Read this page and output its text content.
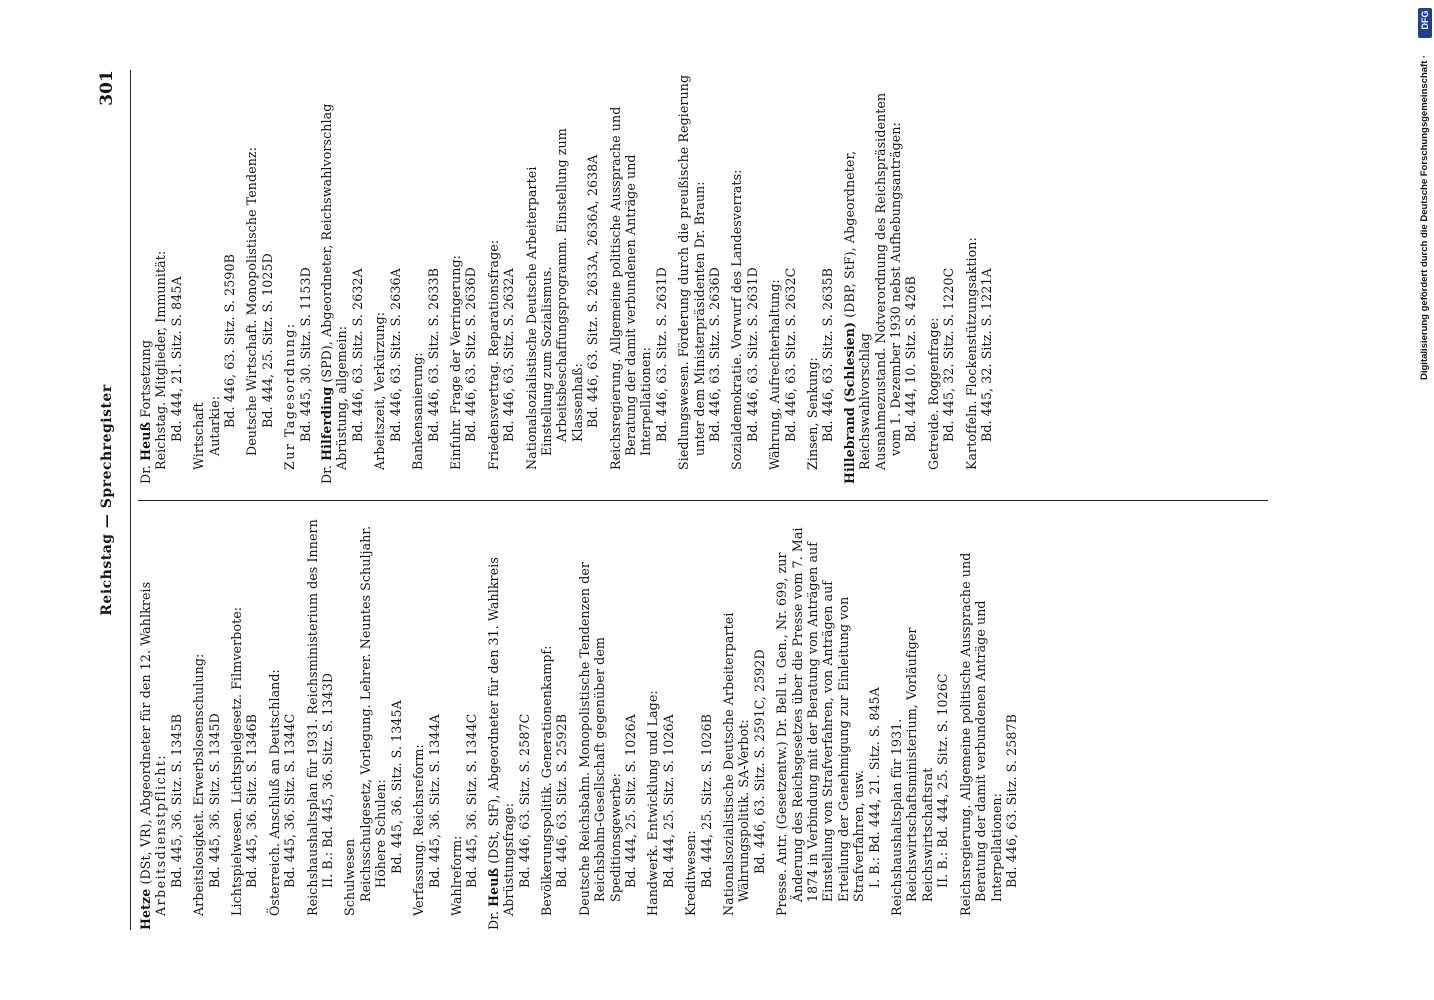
Reichstag — Sprechregister
301

Hetze (DSt, VR), Abgeordneter für den 12. Wahlkreis Arbeitsdienstpflicht: Bd. 445, 36. Sitz. S. 1345B Arbeitslosigkeit. Erwerbslosenschulung: Bd. 445, 36. Sitz. S. 1345D Lichtspielwesen. Lichtspielgesetz. Filmverbote: Bd. 445, 36. Sitz. S. 1346B Österreich. Anschluß an Deutschland: Bd. 445, 36. Sitz. S. 1344C Reichshaushaltsplan für 1931. Reichsministerium des Innern II. B.: Bd. 445, 36. Sitz. S. 1343D Schulwesen Reichsschulgesetz, Vorlegung. Lehrer. Neuntes Schuljahr. Höhere Schulen: Bd. 445, 36. Sitz. S. 1345A Verfassung. Reichsreform: Bd. 445, 36. Sitz. S. 1344A Wahlreform: Bd. 445, 36. Sitz. S. 1344C

Dr. Heuß (DSt, StF), Abgeordneter für den 31. Wahlkreis Abrüstungsfrage: Bd. 446, 63. Sitz. S. 2587C Bevölkerungspolitik. Generationenkampf: Bd. 446, 63. Sitz. S. 2592B Deutsche Reichsbahn. Monopolistische Tendenzen der Reichsbahn-Gesellschaft gegenüber dem Speditionsgewerbe: Bd. 444, 25. Sitz. S. 1026A Handwerk. Entwicklung und Lage: Bd. 444, 25. Sitz. S. 1026A Kreditwesen: Bd. 444, 25. Sitz. S. 1026B Nationalsozialistische Deutsche Arbeiterpartei Währungspolitik. SA-Verbot: Bd. 446, 63. Sitz. S. 2591C, 2592D Presse. Antr. (Gesetzentw.) Dr. Bell u. Gen., Nr. 699, zur Änderung des Reichsgesetzes über die Presse vom 7. Mai 1874 in Verbindung mit der Beratung von Anträgen auf Einstellung von Strafverfahren, von Anträgen auf Erteilung der Genehmigung zur Einleitung von Strafverfahren, usw. I. B.: Bd. 444, 21. Sitz. S. 845A Reichshaushaltsplan für 1931. Reichswirtschaftsministerium, Vorläufiger Reichswirtschaftsrat II. B.: Bd. 444, 25. Sitz. S. 1026C Reichsregierung. Allgemeine politische Aussprache und Beratung der damit verbundenen Anträge und Interpellationen: Bd. 446, 63. Sitz. S. 2587B

Dr. Heuß Fortsetzung Reichstag. Mitglieder, Immunität: Bd. 444, 21. Sitz. S. 845A Wirtschaft Autarkie: Bd. 446, 63. Sitz. S. 2590B Deutsche Wirtschaft. Monopolistische Tendenz: Bd. 444, 25. Sitz. S. 1025D Zur Tagesordnung: Bd. 445, 30. Sitz. S. 1153D

Dr. Hilferding (SPD), Abgeordneter, Reichswahlvorschlag

Abrüstung, allgemein: Bd. 446, 63. Sitz. S. 2632A Arbeitszeit, Verkürzung: Bd. 446, 63. Sitz. S. 2636A Bankensanierung: Bd. 446, 63. Sitz. S. 2633B Einfuhr. Frage der Verringerung: Bd. 446, 63. Sitz. S. 2636D Friedensvertrag. Reparationsfrage: Bd. 446, 63. Sitz. S. 2632A Nationalsozialistische Deutsche Arbeiterpartei Einstellung zum Sozialismus. Arbeitsbeschaffungsprogramm. Einstellung zum Klassenhaß: Bd. 446, 63. Sitz. S. 2633A, 2636A, 2638A Reichsregierung. Allgemeine politische Aussprache und Beratung der damit verbundenen Anträge und Interpellationen: Bd. 446, 63. Sitz. S. 2631D Siedlungswesen. Förderung durch die preußische Regierung unter dem Ministerpräsidenten Dr. Braun: Bd. 446, 63. Sitz. S. 2636D Sozialdemokratie. Vorwurf des Landesverrats: Bd. 446, 63. Sitz. S. 2631D Währung, Aufrechterhaltung: Bd. 446, 63. Sitz. S. 2632C Zinsen, Senkung: Bd. 446, 63. Sitz. S. 2635B Hillebrand (Schlesien) (DBP, StF), Abgeordneter, Reichswahlvorschlag Ausnahmezustand. Notverordnung des Reichspräsidenten vom 1. Dezember 1930 nebst Aufhebungsanträgen: Bd. 444, 10. Sitz. S. 426B Getreide. Roggenfrage: Bd. 445, 32. Sitz. S. 1220C Kartoffeln. Flockenstützungsaktion: Bd. 445, 32. Sitz. S. 1221A	Digitalisierung gefördert durch die Deutsche Forschungsgemeinschaft ·
DFG
